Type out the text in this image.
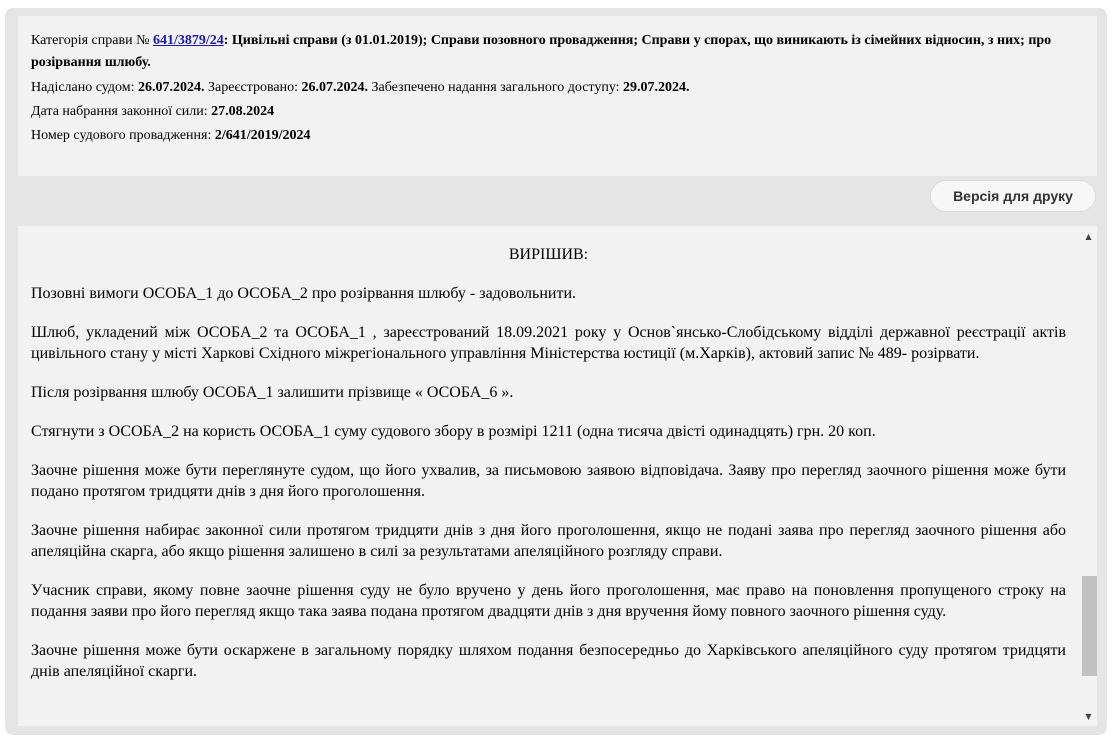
Категорія справи № 641/3879/24: Цивільні справи (з 01.01.2019); Справи позовного провадження; Справи у спорах, що виникають із сімейних відносин, з них; про розірвання шлюбу.
Надіслано судом: 26.07.2024. Зареєстровано: 26.07.2024. Забезпечено надання загального доступу: 29.07.2024.
Дата набрання законної сили: 27.08.2024
Номер судового провадження: 2/641/2019/2024
Версія для друку
ВИРІШИВ:

Позовні вимоги ОСОБА_1 до ОСОБА_2 про розірвання шлюбу - задовольнити.

Шлюб, укладений між ОСОБА_2 та ОСОБА_1 , зареєстрований 18.09.2021 року у Основ`янсько-Слобідському відділі державної реєстрації актів цивільного стану у місті Харкові Східного міжрегіонального управління Міністерства юстиції (м.Харків), актовий запис № 489- розірвати.

Після розірвання шлюбу ОСОБА_1 залишити прізвище « ОСОБА_6 ».

Стягнути з ОСОБА_2 на користь ОСОБА_1 суму судового збору в розмірі 1211 (одна тисяча двісті одинадцять) грн. 20 коп.

Заочне рішення може бути переглянуте судом, що його ухвалив, за письмовою заявою відповідача. Заяву про перегляд заочного рішення може бути подано протягом тридцяти днів з дня його проголошення.

Заочне рішення набирає законної сили протягом тридцяти днів з дня його проголошення, якщо не подані заява про перегляд заочного рішення або апеляційна скарга, або якщо рішення залишено в силі за результатами апеляційного розгляду справи.

Учасник справи, якому повне заочне рішення суду не було вручено у день його проголошення, має право на поновлення пропущеного строку на подання заяви про його перегляд якщо така заява подана протягом двадцяти днів з дня вручення йому повного заочного рішення суду.

Заочне рішення може бути оскаржене в загальному порядку шляхом подання безпосередньо до Харківського апеляційного суду протягом тридцяти днів апеляційної скарги.

▲
▼
